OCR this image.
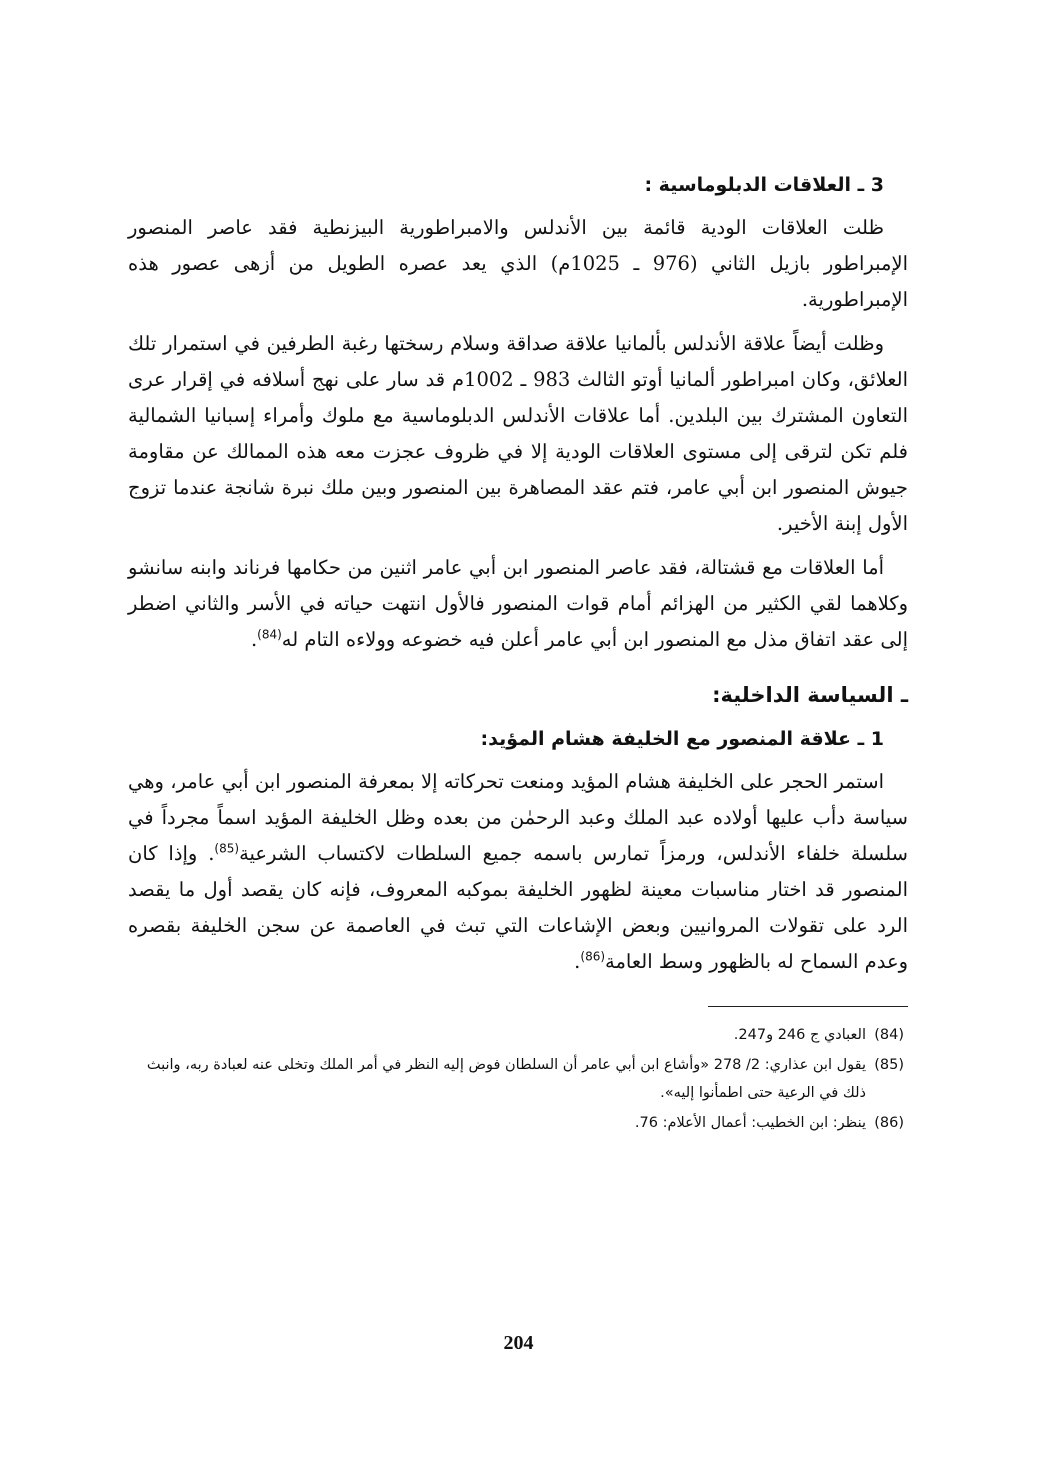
3 ـ العلاقات الدبلوماسية :

ظلت العلاقات الودية قائمة بين الأندلس والامبراطورية البيزنطية فقد عاصر المنصور الإمبراطور بازيل الثاني (976 ـ 1025م) الذي يعد عصره الطويل من أزهى عصور هذه الإمبراطورية.

وظلت أيضاً علاقة الأندلس بألمانيا علاقة صداقة وسلام رسختها رغبة الطرفين في استمرار تلك العلائق، وكان امبراطور ألمانيا أوتو الثالث 983 ـ 1002م قد سار على نهج أسلافه في إقرار عرى التعاون المشترك بين البلدين. أما علاقات الأندلس الدبلوماسية مع ملوك وأمراء إسبانيا الشمالية فلم تكن لترقى إلى مستوى العلاقات الودية إلا في ظروف عجزت معه هذه الممالك عن مقاومة جيوش المنصور ابن أبي عامر، فتم عقد المصاهرة بين المنصور وبين ملك نبرة شانجة عندما تزوج الأول إبنة الأخير.

أما العلاقات مع قشتالة، فقد عاصر المنصور ابن أبي عامر اثنين من حكامها فرناند وابنه سانشو وكلاهما لقي الكثير من الهزائم أمام قوات المنصور فالأول انتهت حياته في الأسر والثاني اضطر إلى عقد اتفاق مذل مع المنصور ابن أبي عامر أعلن فيه خضوعه وولاءه التام له$^{(84)}$.

ـ السياسة الداخلية:
1 ـ علاقة المنصور مع الخليفة هشام المؤيد:

استمر الحجر على الخليفة هشام المؤيد ومنعت تحركاته إلا بمعرفة المنصور ابن أبي عامر، وهي سياسة دأب عليها أولاده عبد الملك وعبد الرحمٰن من بعده وظل الخليفة المؤيد اسماً مجرداً في سلسلة خلفاء الأندلس، ورمزاً تمارس باسمه جميع السلطات لاكتساب الشرعية$^{(85)}$. وإذا كان المنصور قد اختار مناسبات معينة لظهور الخليفة بموكبه المعروف، فإنه كان يقصد أول ما يقصد الرد على تقولات المروانيين وبعض الإشاعات التي تبث في العاصمة عن سجن الخليفة بقصره وعدم السماح له بالظهور وسط العامة$^{(86)}$.

(84)
العبادي ج 246 و247.
(85)
يقول ابن عذاري: 2/ 278 «وأشاع ابن أبي عامر أن السلطان فوض إليه النظر في أمر الملك وتخلى عنه لعبادة ربه، وانبث ذلك في الرعية حتى اطمأنوا إليه».
(86)
ينظر: ابن الخطيب: أعمال الأعلام: 76.
204
